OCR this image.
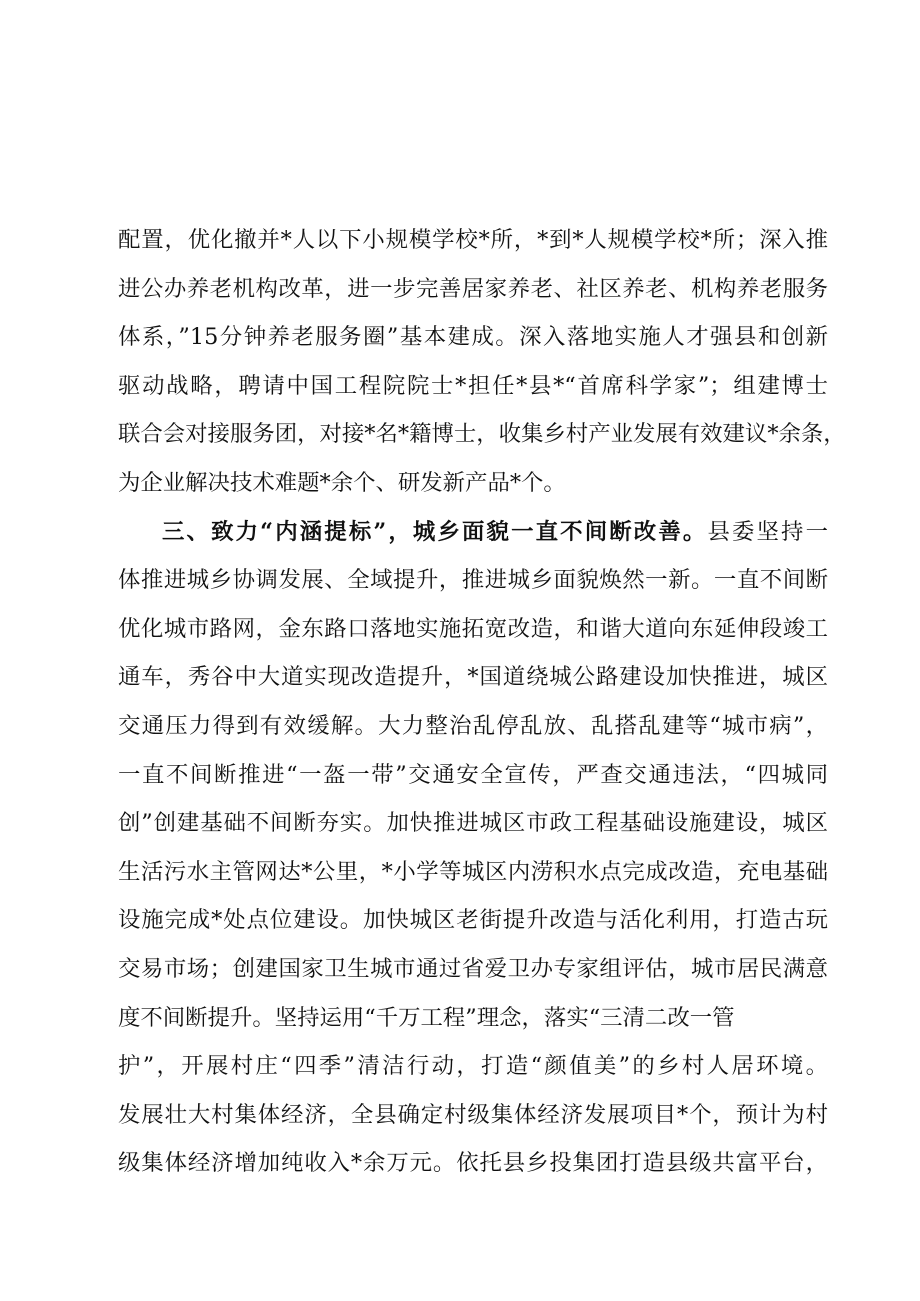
配置，优化撤并*人以下小规模学校*所，*到*人规模学校*所；深入推
进公办养老机构改革，进一步完善居家养老、社区养老、机构养老服务
体系，”15分钟养老服务圈”基本建成。深入落地实施人才强县和创新
驱动战略，聘请中国工程院院士*担任*县*“首席科学家”；组建博士
联合会对接服务团，对接*名*籍博士，收集乡村产业发展有效建议*余条，
为企业解决技术难题*余个、研发新产品*个。
三、致力“内涵提标”，城乡面貌一直不间断改善。县委坚持一
体推进城乡协调发展、全域提升，推进城乡面貌焕然一新。一直不间断
优化城市路网，金东路口落地实施拓宽改造，和谐大道向东延伸段竣工
通车，秀谷中大道实现改造提升，*国道绕城公路建设加快推进，城区
交通压力得到有效缓解。大力整治乱停乱放、乱搭乱建等“城市病”，
一直不间断推进“一盔一带”交通安全宣传，严查交通违法，“四城同
创”创建基础不间断夯实。加快推进城区市政工程基础设施建设，城区
生活污水主管网达*公里，*小学等城区内涝积水点完成改造，充电基础
设施完成*处点位建设。加快城区老街提升改造与活化利用，打造古玩
交易市场；创建国家卫生城市通过省爱卫办专家组评估，城市居民满意
度不间断提升。坚持运用“千万工程”理念，落实“三清二改一管
护”，开展村庄“四季”清洁行动，打造“颜值美”的乡村人居环境。
发展壮大村集体经济，全县确定村级集体经济发展项目*个，预计为村
级集体经济增加纯收入*余万元。依托县乡投集团打造县级共富平台，
